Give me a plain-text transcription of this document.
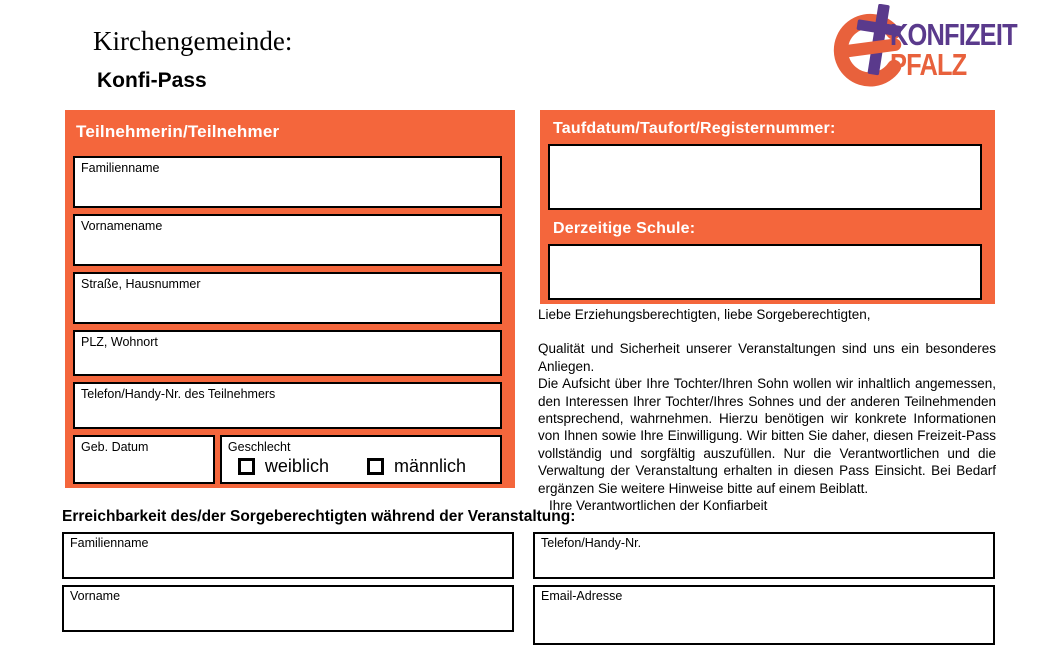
Kirchengemeinde:
Konfi-Pass
KONFIZEIT
PFALZ
Teilnehmerin/Teilnehmer
Familienname
Vornamename
Straße, Hausnummer
PLZ, Wohnort
Telefon/Handy-Nr. des Teilnehmers
Geb. Datum	Geschlecht
weiblich	männlich
Taufdatum/Taufort/Registernummer:
Derzeitige Schule:
Liebe Erziehungsberechtigten, liebe Sorgeberechtigten,
Qualität und Sicherheit unserer Veranstaltungen sind uns ein besonderes Anliegen.
Die Aufsicht über Ihre Tochter/Ihren Sohn wollen wir inhaltlich angemessen, den Interessen Ihrer Tochter/Ihres Sohnes und der anderen Teilnehmenden entsprechend, wahrnehmen. Hierzu benötigen wir konkrete Informationen von Ihnen sowie Ihre Einwilligung. Wir bitten Sie daher, diesen Freizeit-Pass vollständig und sorgfältig auszufüllen. Nur die Verantwortlichen und die Verwaltung der Veranstaltung erhalten in diesen Pass Einsicht. Bei Bedarf ergänzen Sie weitere Hinweise bitte auf einem Beiblatt.
Ihre Verantwortlichen der Konfiarbeit
Erreichbarkeit des/der Sorgeberechtigten während der Veranstaltung:
Familienname	Telefon/Handy-Nr.
Vorname	Email-Adresse
